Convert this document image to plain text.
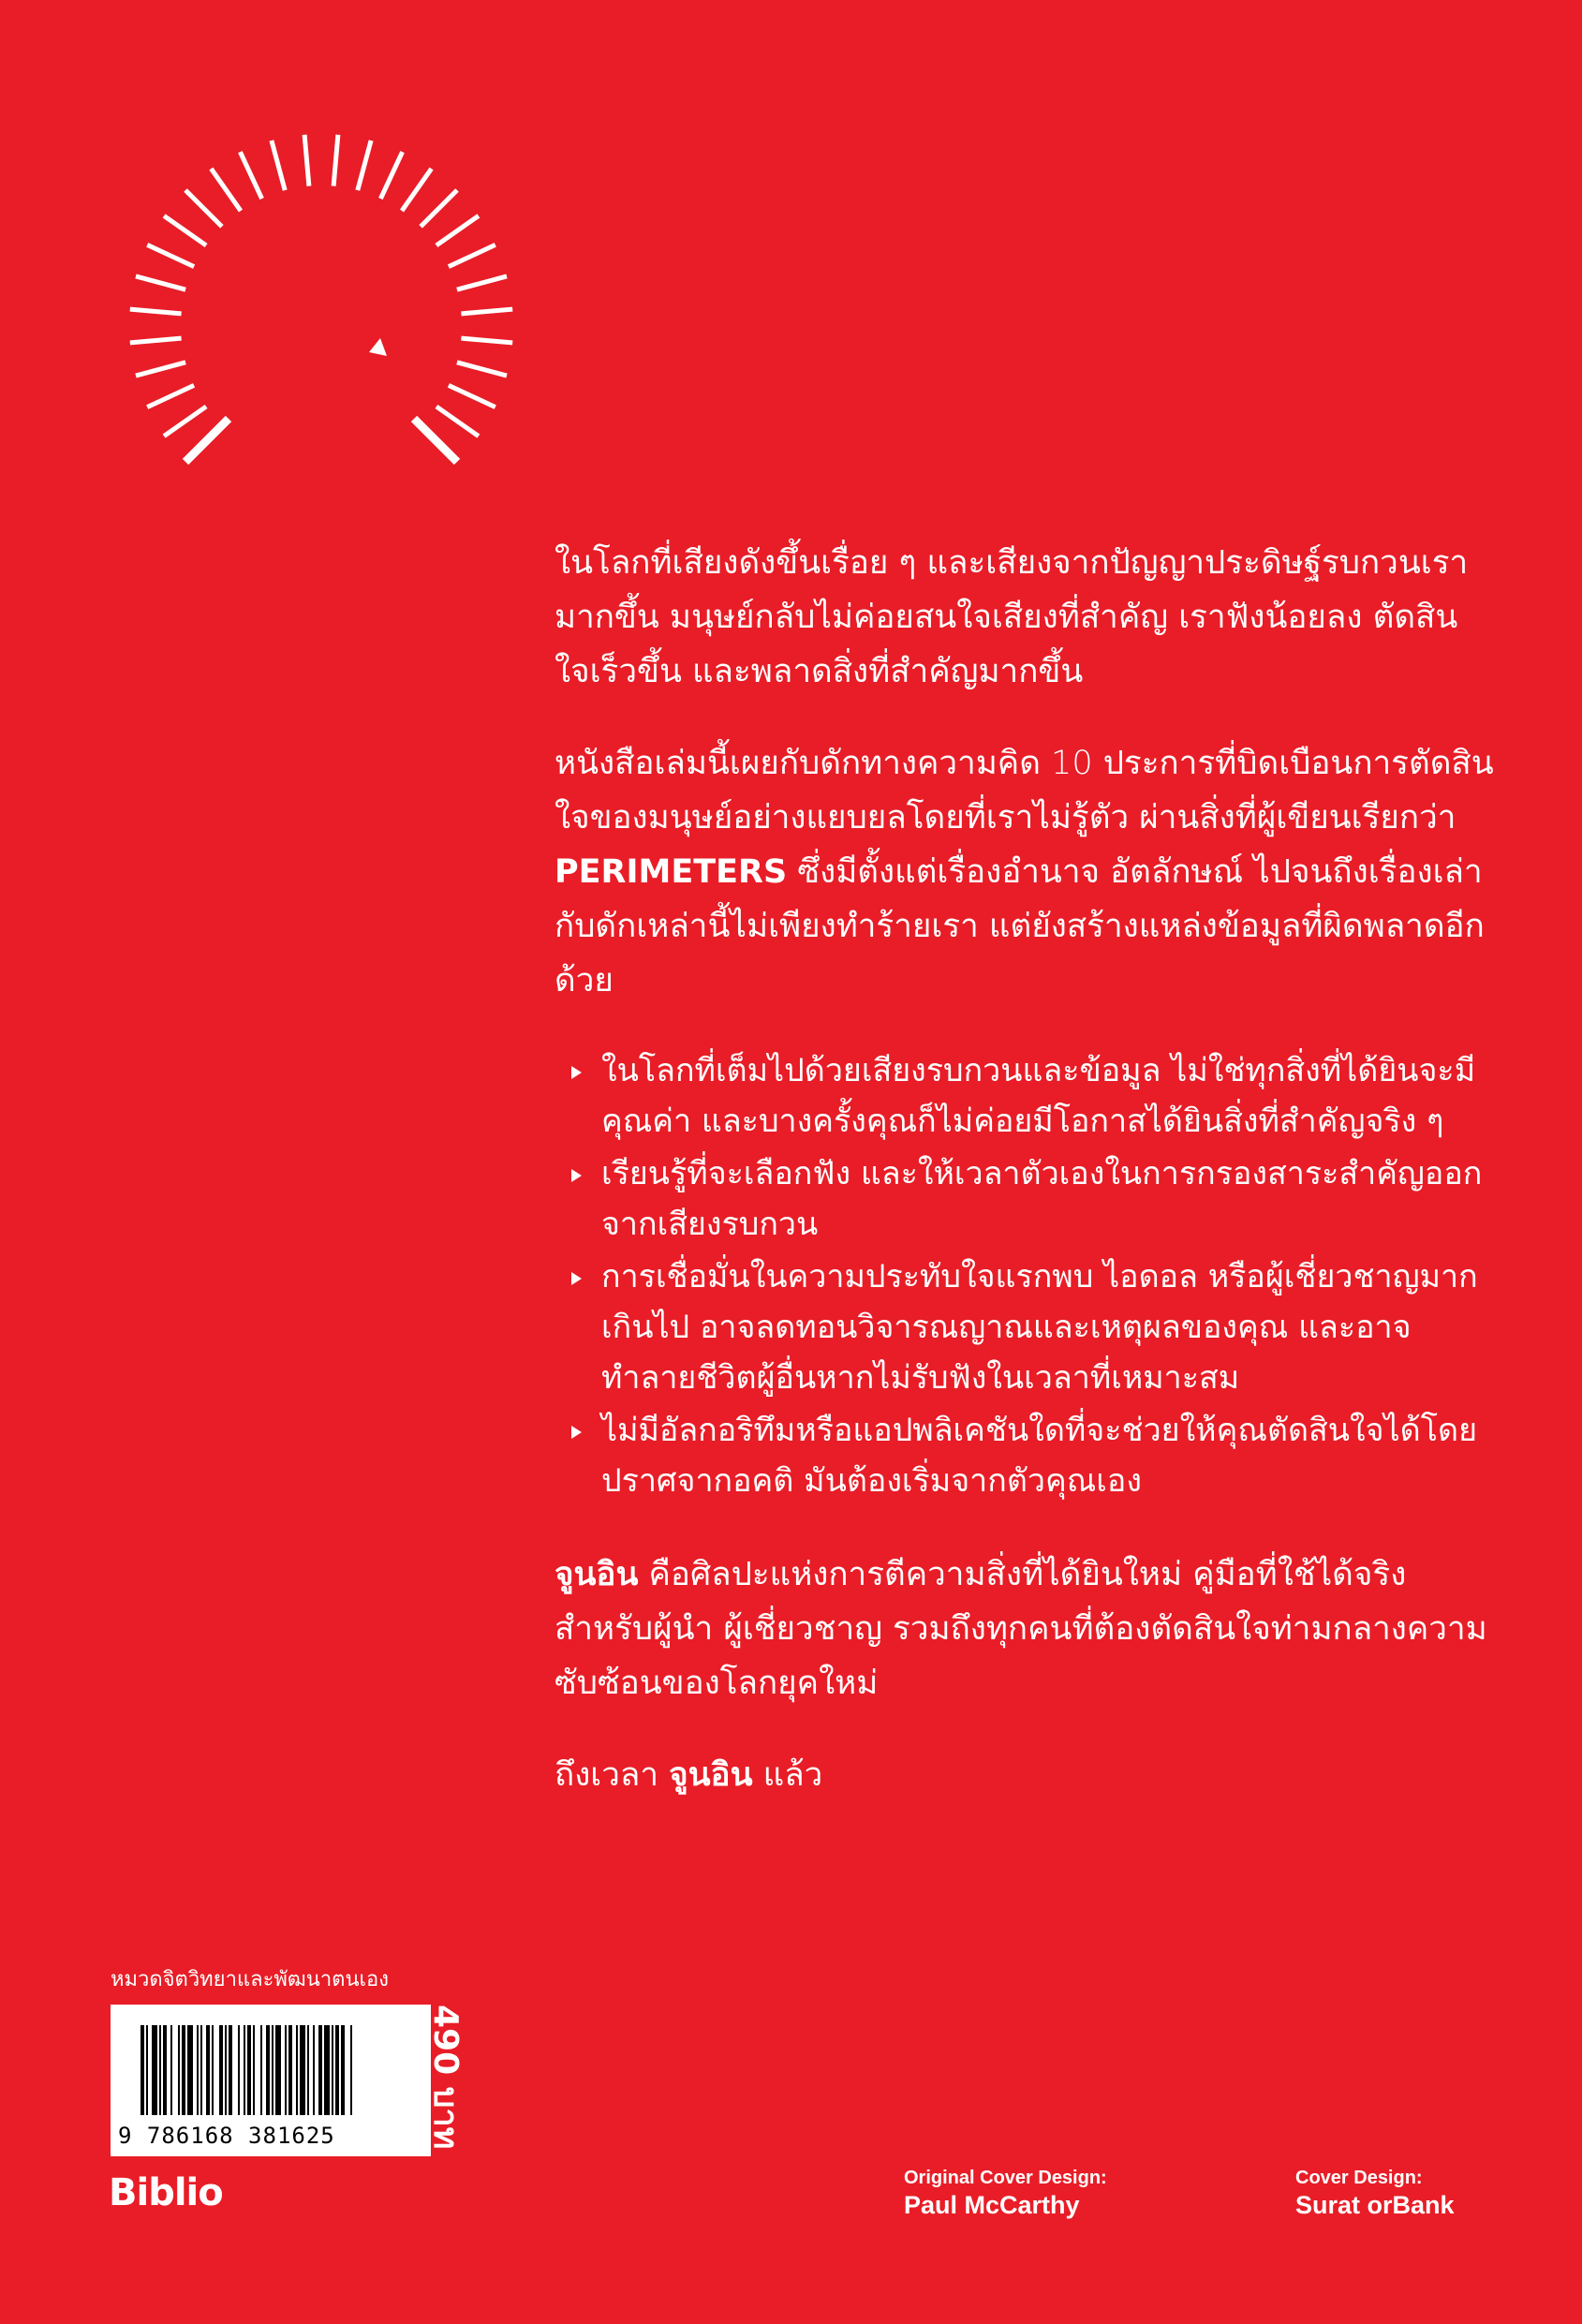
ในโลกที่เสียงดังขึ้นเรื่อย ๆ และเสียงจากปัญญาประดิษฐ์รบกวนเรามากขึ้น มนุษย์กลับไม่ค่อยสนใจเสียงที่สำคัญ เราฟังน้อยลง ตัดสินใจเร็วขึ้น และพลาดสิ่งที่สำคัญมากขึ้น

หนังสือเล่มนี้เผยกับดักทางความคิด 10 ประการที่บิดเบือนการตัดสินใจของมนุษย์อย่างแยบยลโดยที่เราไม่รู้ตัว ผ่านสิ่งที่ผู้เขียนเรียกว่า PERIMETERS ซึ่งมีตั้งแต่เรื่องอำนาจ อัตลักษณ์ ไปจนถึงเรื่องเล่า กับดักเหล่านี้ไม่เพียงทำร้ายเรา แต่ยังสร้างแหล่งข้อมูลที่ผิดพลาดอีกด้วย

ในโลกที่เต็มไปด้วยเสียงรบกวนและข้อมูล ไม่ใช่ทุกสิ่งที่ได้ยินจะมีคุณค่า และบางครั้งคุณก็ไม่ค่อยมีโอกาสได้ยินสิ่งที่สำคัญจริง ๆ
เรียนรู้ที่จะเลือกฟัง และให้เวลาตัวเองในการกรองสาระสำคัญออกจากเสียงรบกวน
การเชื่อมั่นในความประทับใจแรกพบ ไอดอล หรือผู้เชี่ยวชาญมากเกินไป อาจลดทอนวิจารณญาณและเหตุผลของคุณ และอาจทำลายชีวิตผู้อื่นหากไม่รับฟังในเวลาที่เหมาะสม
ไม่มีอัลกอริทึมหรือแอปพลิเคชันใดที่จะช่วยให้คุณตัดสินใจได้โดยปราศจากอคติ มันต้องเริ่มจากตัวคุณเอง

จูนอิน คือศิลปะแห่งการตีความสิ่งที่ได้ยินใหม่ คู่มือที่ใช้ได้จริงสำหรับผู้นำ ผู้เชี่ยวชาญ รวมถึงทุกคนที่ต้องตัดสินใจท่ามกลางความซับซ้อนของโลกยุคใหม่

ถึงเวลา จูนอิน แล้ว

หมวดจิตวิทยาและพัฒนาตนเอง
9 786168 381625	490 บาท
Biblio	Original Cover Design:
Paul McCarthy
Cover Design:
Surat orBank
